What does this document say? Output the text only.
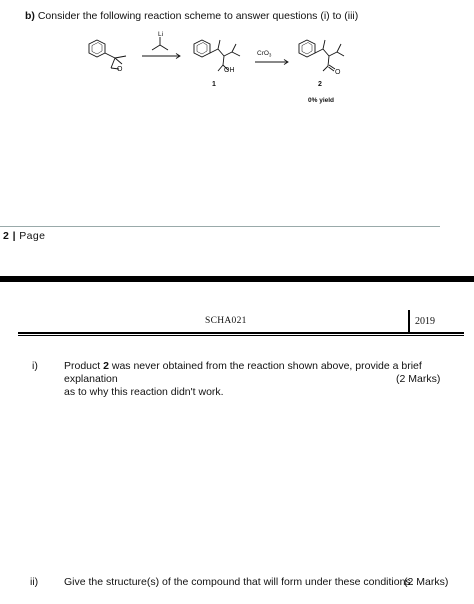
b) Consider the following reaction scheme to answer questions (i) to (iii)
O
Li
OH
CrO$_3$
O
1	2
0% yield
2 | Page
SCHA021	2019
i) Product 2 was never obtained from the reaction shown above, provide a brief explanation
as to why this reaction didn't work.
(2 Marks)
ii) Give the structure(s) of the compound that will form under these conditions.
(2 Marks)
